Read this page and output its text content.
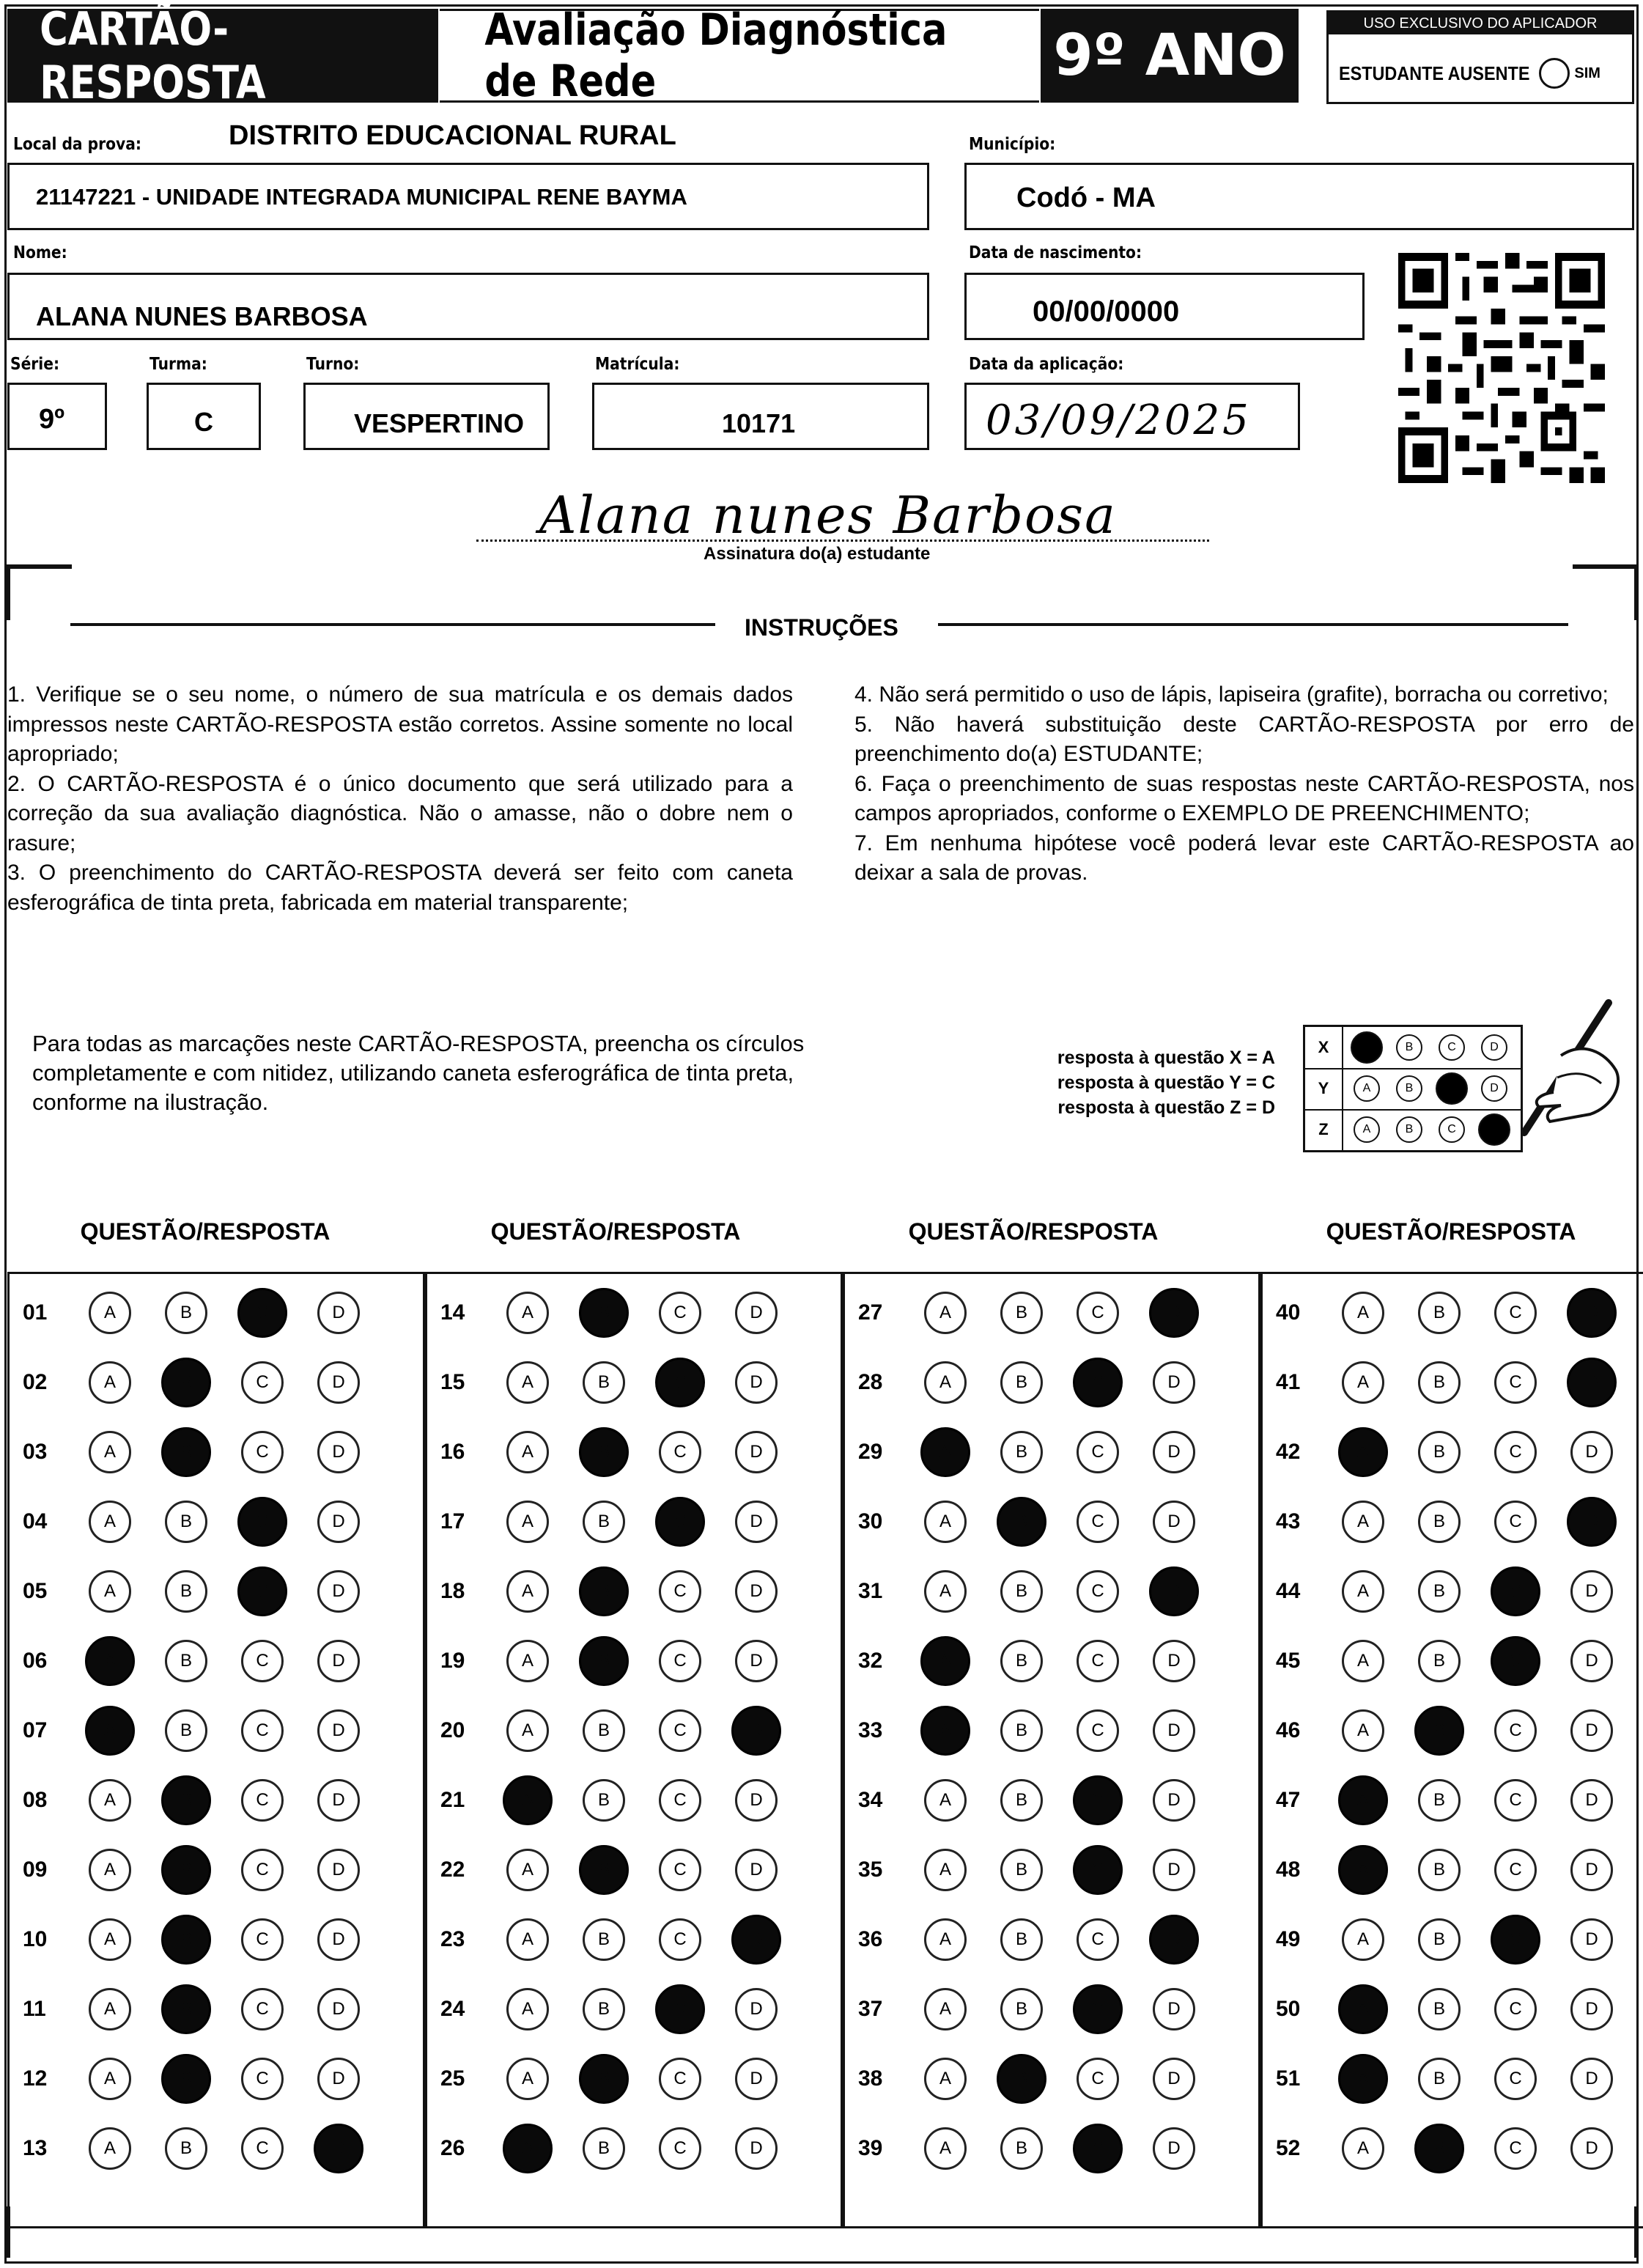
CARTÃO-RESPOSTA
Avaliação Diagnóstica de Rede	9º ANO	USO EXCLUSIVO DO APLICADOR
ESTUDANTE AUSENTE	SIM
Local da prova:	DISTRITO EDUCACIONAL RURAL
21147221 - UNIDADE INTEGRADA MUNICIPAL RENE BAYMA
Município:
Codó - MA
Nome:
ALANA NUNES BARBOSA
Data de nascimento:
00/00/0000
Série:
9º
Turma:
C
Turno:
VESPERTINO
Matrícula:
10171
Data da aplicação:
03/09/2025
Alana nunes Barbosa
Assinatura do(a) estudante
INSTRUÇÕES

1. Verifique se o seu nome, o número de sua matrícula e os demais dados impressos neste CARTÃO-RESPOSTA estão corretos. Assine somente no local apropriado;

2. O CARTÃO-RESPOSTA é o único documento que será utilizado para a correção da sua avaliação diagnóstica. Não o amasse, não o dobre nem o rasure;

3. O preenchimento do CARTÃO-RESPOSTA deverá ser feito com caneta esferográfica de tinta preta, fabricada em material transparente;

4. Não será permitido o uso de lápis, lapiseira (grafite), borracha ou corretivo;

5. Não haverá substituição deste CARTÃO-RESPOSTA por erro de preenchimento do(a) ESTUDANTE;

6. Faça o preenchimento de suas respostas neste CARTÃO-RESPOSTA, nos campos apropriados, conforme o EXEMPLO DE PREENCHIMENTO;

7. Em nenhuma hipótese você poderá levar este CARTÃO-RESPOSTA ao deixar a sala de provas.

Para todas as marcações neste CARTÃO-RESPOSTA, preencha os círculos completamente e com nitidez, utilizando caneta esferográfica de tinta preta, conforme na ilustração.
resposta à questão X = A
resposta à questão Y = C
resposta à questão Z = D
X	A	B	C	D
Y	A	B	C	D
Z	A	B	C	D
QUESTÃO/RESPOSTA	QUESTÃO/RESPOSTA	QUESTÃO/RESPOSTA	QUESTÃO/RESPOSTA
01	A	B	C	D
02	A	B	C	D
03	A	B	C	D
04	A	B	C	D
05	A	B	C	D
06	A	B	C	D
07	A	B	C	D
08	A	B	C	D
09	A	B	C	D
10	A	B	C	D
11	A	B	C	D
12	A	B	C	D
13	A	B	C	D
14	A	B	C	D
15	A	B	C	D
16	A	B	C	D
17	A	B	C	D
18	A	B	C	D
19	A	B	C	D
20	A	B	C	D
21	A	B	C	D
22	A	B	C	D
23	A	B	C	D
24	A	B	C	D
25	A	B	C	D
26	A	B	C	D
27	A	B	C	D
28	A	B	C	D
29	A	B	C	D
30	A	B	C	D
31	A	B	C	D
32	A	B	C	D
33	A	B	C	D
34	A	B	C	D
35	A	B	C	D
36	A	B	C	D
37	A	B	C	D
38	A	B	C	D
39	A	B	C	D
40	A	B	C	D
41	A	B	C	D
42	A	B	C	D
43	A	B	C	D
44	A	B	C	D
45	A	B	C	D
46	A	B	C	D
47	A	B	C	D
48	A	B	C	D
49	A	B	C	D
50	A	B	C	D
51	A	B	C	D
52	A	B	C	D
